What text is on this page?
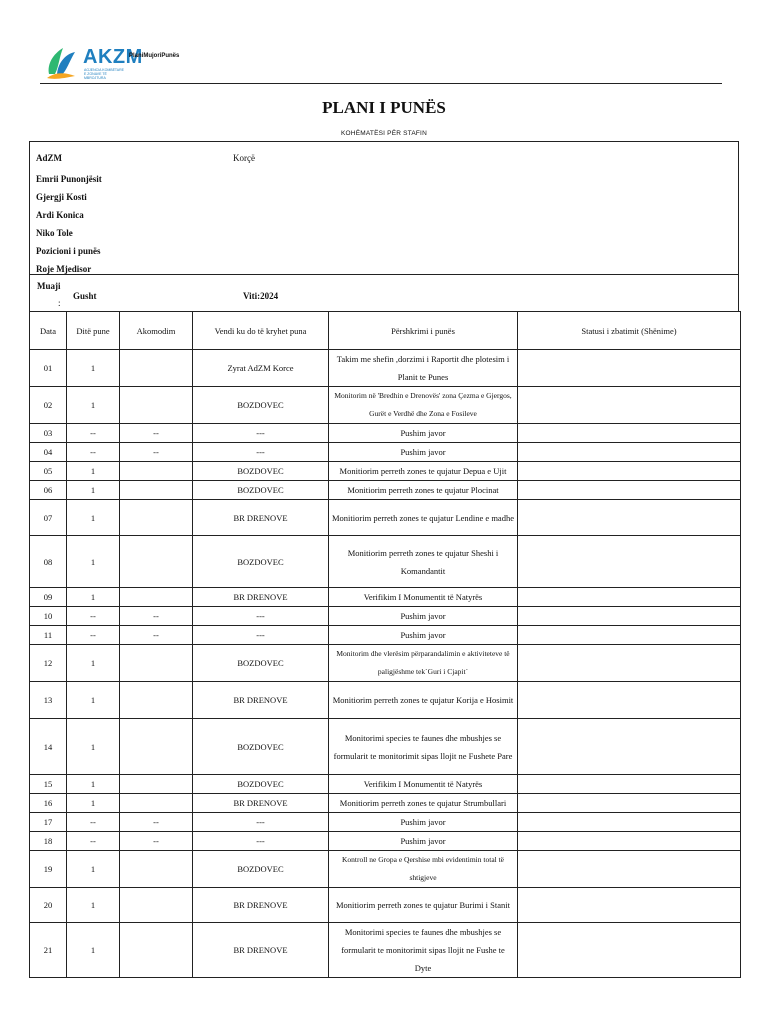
AKZM
AGJENCIA KOMBËTARE E ZONAVE TË MBROJTURA
PlaniMujoriPunës
PLANI I PUNËS
KOHËMATËSI PËR STAFIN
AdZM	Korçë
Emrii Punonjësit
Gjergji Kosti
Ardi Konica
Niko Tole
Pozicioni i punës
Roje Mjedisor
Muaji
:
Gusht	Viti:2024
Data	Ditë pune	Akomodim	Vendi ku do të kryhet puna	Përshkrimi i punës	Statusi i zbatimit (Shënime)
01	1		Zyrat AdZM Korce	Takim me shefin ,dorzimi i Raportit dhe plotesim i Planit te Punes	
02	1		BOZDOVEC	Monitorim në 'Bredhin e Drenovës' zona Çezma e Gjergos, Gurët e Verdhë dhe Zona e Fosileve	
03	--	--	---	Pushim javor	
04	--	--	---	Pushim javor	
05	1		BOZDOVEC	Monitiorim perreth zones te qujatur Depua e Ujit	
06	1		BOZDOVEC	Monitiorim perreth zones te qujatur Plocinat	
07	1		BR DRENOVE	Monitiorim perreth zones te qujatur Lendine e madhe	
08	1		BOZDOVEC	Monitiorim perreth zones te qujatur Sheshi i Komandantit	
09	1		BR DRENOVE	Verifikim I Monumentit të Natyrës	
10	--	--	---	Pushim javor	
11	--	--	---	Pushim javor	
12	1		BOZDOVEC	Monitorim dhe vlerësim përparandalimin e aktiviteteve të paligjëshme tek`Guri i Cjapit`	
13	1		BR DRENOVE	Monitiorim perreth zones te qujatur Korija e Hosimit	
14	1		BOZDOVEC	Monitorimi species te faunes dhe mbushjes se formularit te monitorimit sipas llojit ne Fushete Pare	
15	1		BOZDOVEC	Verifikim I Monumentit të Natyrës	
16	1		BR DRENOVE	Monitiorim perreth zones te qujatur Strumbullari	
17	--	--	---	Pushim javor	
18	--	--	---	Pushim javor	
19	1		BOZDOVEC	Kontroll ne Gropa e Qershise mbi evidentimin total të shtigjeve	
20	1		BR DRENOVE	Monitiorim perreth zones te qujatur Burimi i Stanit	
21	1		BR DRENOVE	Monitorimi species te faunes dhe mbushjes se formularit te monitorimit sipas llojit ne Fushe te Dyte	
